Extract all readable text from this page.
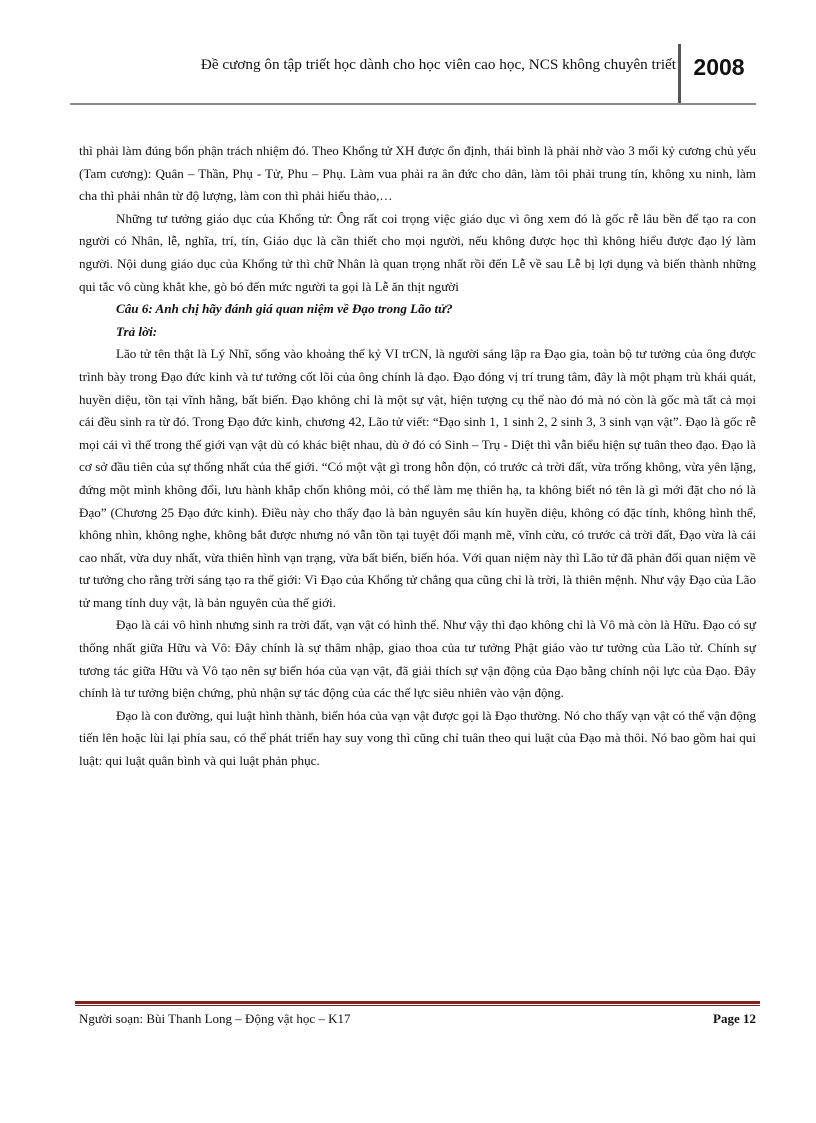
Đề cương ôn tập triết học dành cho học viên cao học, NCS không chuyên triết 2008

thì phải làm đúng bổn phận trách nhiệm đó. Theo Khổng tử XH được ổn định, thái bình là phải nhờ vào 3 mối kỷ cương chủ yếu (Tam cương): Quân – Thần, Phụ - Tử, Phu – Phụ. Làm vua phải ra ân đức cho dân, làm tôi phải trung tín, không xu ninh, làm cha thì phải nhân từ độ lượng, làm con thì phải hiếu thảo,…

Những tư tưởng giáo dục của Khổng tử: Ông rất coi trọng việc giáo dục vì ông xem đó là gốc rễ lâu bền để tạo ra con người có Nhân, lễ, nghĩa, trí, tín, Giáo dục là cần thiết cho mọi người, nếu không được học thì không hiểu được đạo lý làm người. Nội dung giáo dục của Khổng tử thì chữ Nhân là quan trọng nhất rồi đến Lễ về sau Lễ bị lợi dụng và biến thành những qui tắc vô cùng khắt khe, gò bó đến mức người ta gọi là Lễ ăn thịt người

Câu 6: Anh chị hãy đánh giá quan niệm về Đạo trong Lão tử?

Trả lời:

Lão tử tên thật là Lý Nhĩ, sống vào khoảng thế kỷ VI trCN, là người sáng lập ra Đạo gia, toàn bộ tư tưởng của ông được trình bày trong Đạo đức kinh và tư tưởng cốt lõi của ông chính là đạo. Đạo đóng vị trí trung tâm, đây là một phạm trù khái quát, huyền diệu, tồn tại vĩnh hằng, bất biến. Đạo không chỉ là một sự vật, hiện tượng cụ thể nào đó mà nó còn là gốc mà tất cả mọi cái đều sinh ra từ đó. Trong Đạo đức kinh, chương 42, Lão tử viết: “Đạo sinh 1, 1 sinh 2, 2 sinh 3, 3 sinh vạn vật”. Đạo là gốc rễ mọi cái vì thế trong thế giới vạn vật dù có khác biệt nhau, dù ở đó có Sinh – Trụ - Diệt thì vẫn biểu hiện sự tuân theo đạo. Đạo là cơ sở đầu tiên của sự thống nhất của thế giới. “Có một vật gì trong hỗn độn, có trước cả trời đất, vừa trống không, vừa yên lặng, đứng một mình không đổi, lưu hành khắp chốn không mỏi, có thể làm mẹ thiên hạ, ta không biết nó tên là gì mới đặt cho nó là Đạo” (Chương 25 Đạo đức kinh). Điều này cho thấy đạo là bản nguyên sâu kín huyền diệu, không có đặc tính, không hình thể, không nhìn, không nghe, không bắt được nhưng nó vẫn tồn tại tuyệt đối mạnh mẽ, vĩnh cửu, có trước cả trời đất, Đạo vừa là cái cao nhất, vừa duy nhất, vừa thiên hình vạn trạng, vừa bất biến, biến hóa. Với quan niệm này thì Lão tử đã phản đối quan niệm về tư tưởng cho rằng trời sáng tạo ra thế giới: Vì Đạo của Khổng tử chẳng qua cũng chỉ là trời, là thiên mệnh. Như vậy Đạo của Lão tử mang tính duy vật, là bản nguyên của thế giới.

Đạo là cái vô hình nhưng sinh ra trời đất, vạn vật có hình thể. Như vậy thì đạo không chỉ là Vô mà còn là Hữu. Đạo có sự thống nhất giữa Hữu và Vô: Đây chính là sự thâm nhập, giao thoa của tư tưởng Phật giáo vào tư tưởng của Lão tử. Chính sự tương tác giữa Hữu và Vô tạo nên sự biến hóa của vạn vật, đã giải thích sự vận động của Đạo bằng chính nội lực của Đạo. Đây chính là tư tưởng biện chứng, phủ nhận sự tác động của các thế lực siêu nhiên vào vận động.

Đạo là con đường, qui luật hình thành, biến hóa của vạn vật được gọi là Đạo thường. Nó cho thấy vạn vật có thể vận động tiến lên hoặc lùi lại phía sau, có thể phát triển hay suy vong thì cũng chỉ tuân theo qui luật của Đạo mà thôi. Nó bao gồm hai qui luật: qui luật quân bình và qui luật phản phục.

Người soạn: Bùi Thanh Long – Động vật học – K17	Page 12
